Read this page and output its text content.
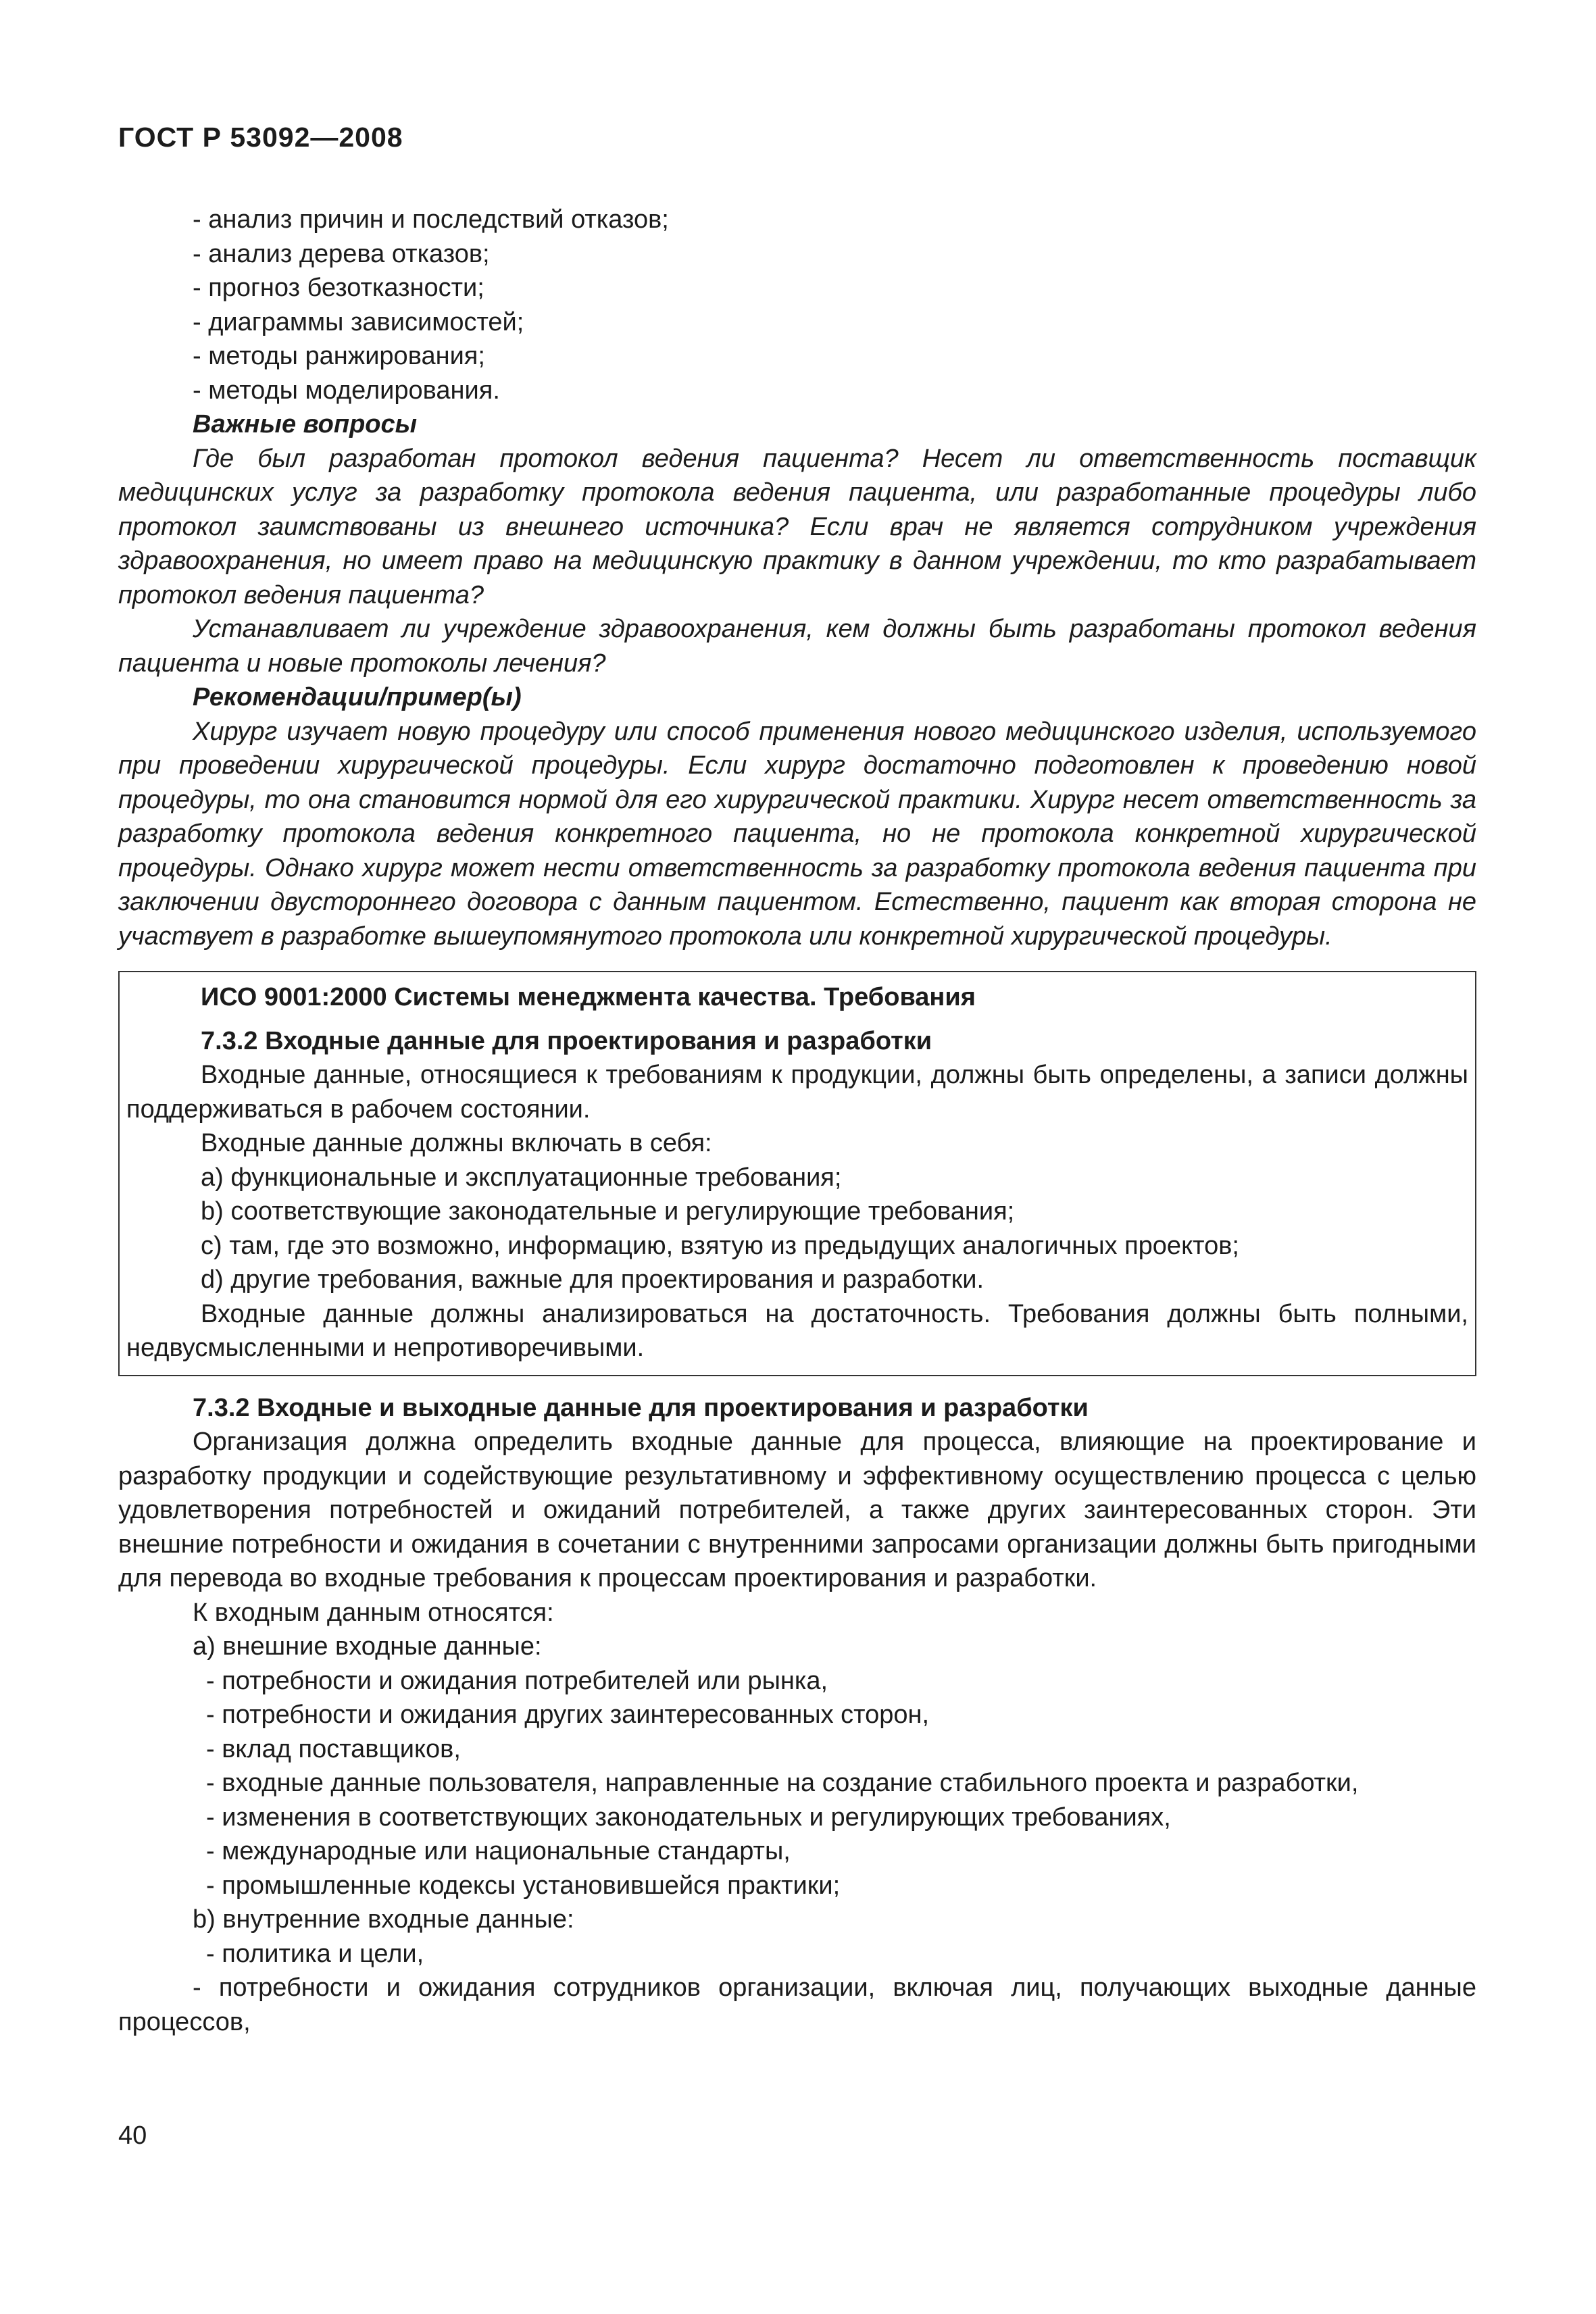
ГОСТ Р 53092—2008

- анализ причин и последствий отказов;

- анализ дерева отказов;

- прогноз безотказности;

- диаграммы зависимостей;

- методы ранжирования;

- методы моделирования.

Важные вопросы

Где был разработан протокол ведения пациента? Несет ли ответственность поставщик медицинских услуг за разработку протокола ведения пациента, или разработанные процедуры либо протокол заимствованы из внешнего источника? Если врач не является сотрудником учреждения здравоохранения, но имеет право на медицинскую практику в данном учреждении, то кто разрабатывает протокол ведения пациента?

Устанавливает ли учреждение здравоохранения, кем должны быть разработаны протокол ведения пациента и новые протоколы лечения?

Рекомендации/пример(ы)

Хирург изучает новую процедуру или способ применения нового медицинского изделия, используемого при проведении хирургической процедуры. Если хирург достаточно подготовлен к проведению новой процедуры, то она становится нормой для его хирургической практики. Хирург несет ответственность за разработку протокола ведения конкретного пациента, но не протокола конкретной хирургической процедуры. Однако хирург может нести ответственность за разработку протокола ведения пациента при заключении двустороннего договора с данным пациентом. Естественно, пациент как вторая сторона не участвует в разработке вышеупомянутого протокола или конкретной хирургической процедуры.

ИСО 9001:2000 Системы менеджмента качества. Требования

7.3.2 Входные данные для проектирования и разработки

Входные данные, относящиеся к требованиям к продукции, должны быть определены, а записи должны поддерживаться в рабочем состоянии.

Входные данные должны включать в себя:

a) функциональные и эксплуатационные требования;

b) соответствующие законодательные и регулирующие требования;

c) там, где это возможно, информацию, взятую из предыдущих аналогичных проектов;

d) другие требования, важные для проектирования и разработки.

Входные данные должны анализироваться на достаточность. Требования должны быть полными, недвусмысленными и непротиворечивыми.

7.3.2 Входные и выходные данные для проектирования и разработки

Организация должна определить входные данные для процесса, влияющие на проектирование и разработку продукции и содействующие результативному и эффективному осуществлению процесса с целью удовлетворения потребностей и ожиданий потребителей, а также других заинтересованных сторон. Эти внешние потребности и ожидания в сочетании с внутренними запросами организации должны быть пригодными для перевода во входные требования к процессам проектирования и разработки.

К входным данным относятся:

a) внешние входные данные:

- потребности и ожидания потребителей или рынка,

- потребности и ожидания других заинтересованных сторон,

- вклад поставщиков,

- входные данные пользователя, направленные на создание стабильного проекта и разработки,

- изменения в соответствующих законодательных и регулирующих требованиях,

- международные или национальные стандарты,

- промышленные кодексы установившейся практики;

b) внутренние входные данные:

- политика и цели,

- потребности и ожидания сотрудников организации, включая лиц, получающих выходные данные процессов,

40
